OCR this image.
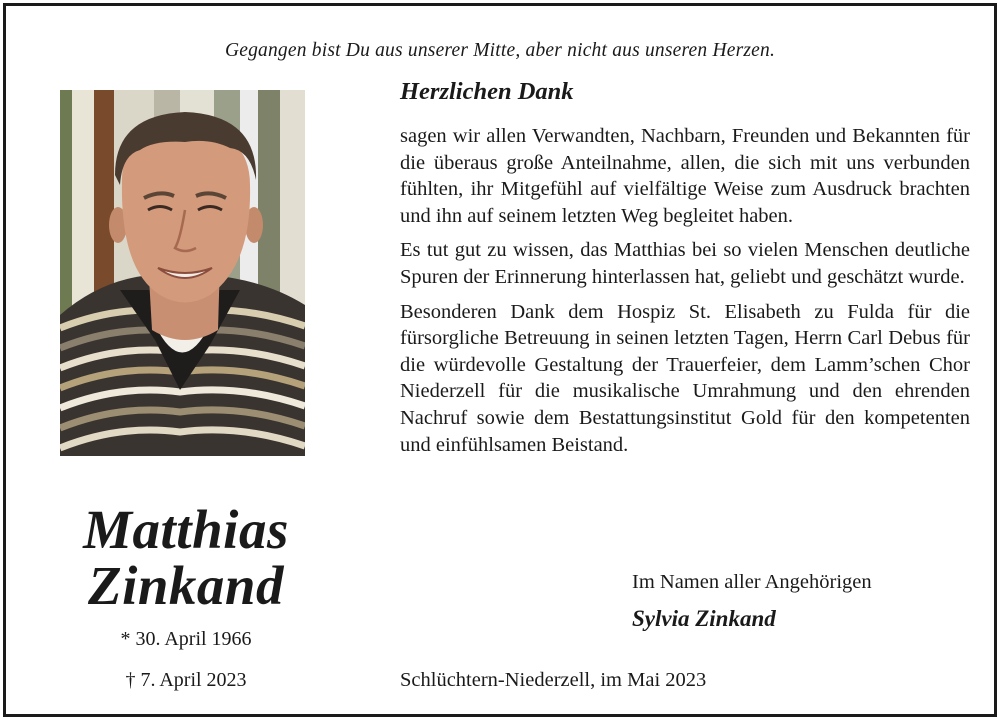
Gegangen bist Du aus unserer Mitte, aber nicht aus unseren Herzen.
Matthias
Zinkand
* 30. April 1966
† 7. April 2023
Herzlichen Dank

sagen wir allen Verwandten, Nachbarn, Freunden und Bekannten für die überaus große Anteilnahme, allen, die sich mit uns verbunden fühlten, ihr Mitgefühl auf vielfältige Weise zum Ausdruck brachten und ihn auf seinem letzten Weg begleitet haben.

Es tut gut zu wissen, das Matthias bei so vielen Menschen deutliche Spuren der Erinnerung hinterlassen hat, geliebt und geschätzt wurde.

Besonderen Dank dem Hospiz St. Elisabeth zu Fulda für die fürsorgliche Betreuung in seinen letzten Tagen, Herrn Carl Debus für die würdevolle Gestaltung der Trauerfeier, dem Lamm’schen Chor Niederzell für die musikalische Umrahmung und den ehrenden Nachruf sowie dem Bestattungsinstitut Gold für den kompetenten und einfühlsamen Beistand.

Im Namen aller Angehörigen
Sylvia Zinkand
Schlüchtern-Niederzell, im Mai 2023
